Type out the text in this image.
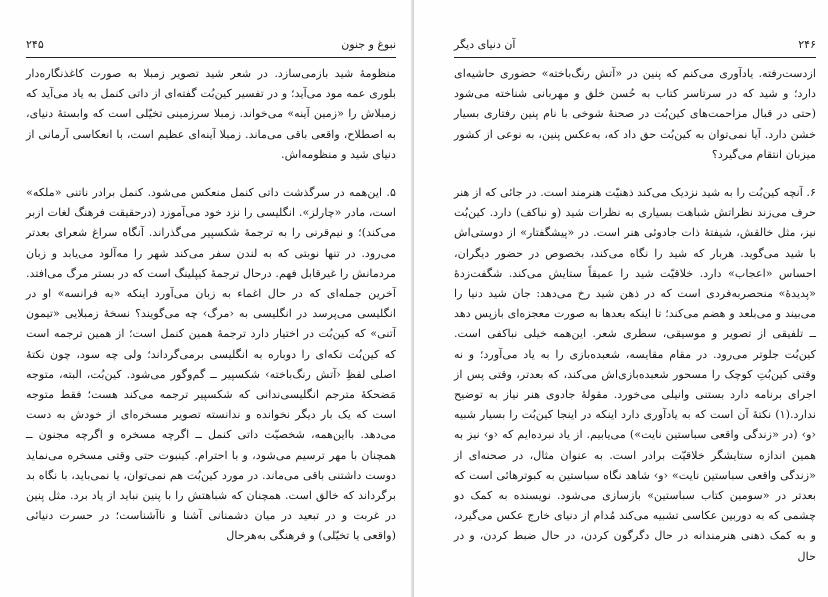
۲۴۵	نبوغ و جنون

منظومهٔ شید بازمی‌سازد. در شعر شید تصویر زمبلا به صورت کاغذ‌نگاره‌دار بلوری عمه مود می‌آید؛ و در تفسیر کین‌بُت گفته‌ای از داتی کنمل به یاد می‌آید که زمبلاش را «زمین آینه» می‌خواند. زمبلا سرزمینی تخیّلی است که وابستهٔ دنیای، به اصطلاح، واقعی باقی می‌ماند. زمبلا آینه‌ای عظیم است، با انعکاسی آرمانی از دنیای شید و منظومه‌اش.

۵. این‌همه در سرگذشت داتی کنمل منعکس می‌شود. کنمل برادر ناتنی «ملکه» است، مادر «چارلز». انگلیسی را نزد خود می‌آموزد (درحقیقت فرهنگ لغات ازبر می‌کند)؛ و نیم‌قرنی را به ترجمهٔ شکسپیر می‌گذراند. آنگاه سراغ شعرای بعدتر می‌رود. در تنها نوبتی که به لندن سفر می‌کند شهر را مه‌آلود می‌یابد و زبان مردمانش را غیرقابل فهم. درحال ترجمهٔ کیپلینگ است که در بستر مرگ می‌افتد. آخرین جمله‌ای که در حال اغماء به زبان می‌آورد اینکه «به فرانسه» او در انگلیسی می‌پرسد در انگلیسی به ‹مرگ› چه می‌گویند؟ نسخهٔ زمبلایی «تیمون آتنی» که کین‌بُت در اختیار دارد ترجمهٔ همین کنمل است؛ از همین ترجمه است که کین‌بُت تکه‌ای را دوباره به انگلیسی برمی‌گرداند؛ ولی چه سود، چون نکتهٔ اصلی لفظِ ‹آتش رنگ‌باخته› شکسپیر ــ گم‌وگور می‌شود. کین‌بُت، البته، متوجه مَضحکهٔ مترجم انگلیسی‌ندانی که شکسپیر ترجمه می‌کند هست؛ فقط متوجه است که یک بار دیگر نخوانده و ندانسته تصویر مسخره‌ای از خودش به دست می‌دهد. بااین‌همه، شخصیّت داتی کنمل ــ اگرچه مسخره و اگرچه مجنون ــ همچنان با مهر ترسیم می‌شود، و با احترام. کینبوت حتی وقتی مسخره می‌نماید دوست داشتنی باقی می‌ماند. در مورد کین‌بُت هم نمی‌توان، یا نمی‌باید، با نگاه بد برگرداند که خالق است. همچنان که شباهتش را با پنین نباید از یاد برد. مثل پنین در غربت و در تبعید در میان دشمنانی آشنا و ناآشناست؛ در حسرت دنیائی (واقعی یا تخیّلی) و فرهنگی به‌هرحال

۲۴۶
آن دنیای دیگر

ازدست‌رفته. یادآوری می‌کنم که پنین در «آتش رنگ‌باخته» حضوری حاشیه‌ای دارد؛ و شید که در سرتاسر کتاب به حُسن خلق و مهربانی شناخته می‌شود (حتی در قبال مزاحمت‌های کین‌بُت در صحنهٔ شوخی با نام پنین رفتاری بسیار خشن دارد. آیا نمی‌توان به کین‌بُت حق داد که، به‌عکس پنین، به نوعی از کشور میزبان انتقام می‌گیرد؟

۶. آنچه کین‌بُت را به شید نزدیک می‌کند ذهنیّت هنرمند است. در جائی که از هنر حرف می‌زند نظراتش شباهت بسیاری به نظرات شید (و نباکف) دارد. کین‌بُت نیز، مثل خالقش، شیفتهٔ ذات جادوئی هنر است. در «پیشگفتار» از دوستی‌اش با شید می‌گوید. هربار که شید را نگاه می‌کند، بخصوص در حضور دیگران، احساس «اعجاب» دارد. خلاقیّت شید را عمیقاً ستایش می‌کند. شگفت‌زدهٔ «پدیدهٔ» منحصربه‌فردی است که در ذهن شید رخ می‌دهد: جان شید دنیا را می‌بیند و می‌بلعد و هضم می‌کند؛ تا اینکه بعدها به صورت معجزه‌ای بازپس دهد ــ تلفیقی از تصویر و موسیقی، سطری شعر. این‌همه خیلی نباکفی است. کین‌بُت جلوتر می‌رود. در مقام مقایسه، شعبده‌بازی را به یاد می‌آورد؛ و نه وقتی کین‌بُتِ کوچک را مسحور شعبده‌بازی‌اش می‌کند، که بعدتر، وقتی پس از اجرای برنامه دارد بستنی وانیلی می‌خورد. مقولهٔ جادوی هنر نیاز به توضیح ندارد.(۱) نکتهٔ آن است که به یادآوری دارد اینکه در اینجا کین‌بُت را بسیار شبیه ‹و› (در «زندگی واقعی سباستین نایت») می‌یابیم. از یاد نبرده‌ایم که ‹و› نیز به همین اندازه ستایشگر خلاقیّت برادر است. به عنوان مثال، در صحنه‌ای از «زندگی واقعی سباستین نایت» ‹و› شاهد نگاه سباستین به کبوترهائی است که بعدتر در «سومین کتاب سباستین» بازسازی می‌شود. نویسنده به کمک دو چشمی که به دوربین عکاسی تشبیه می‌کند مُدام از دنیای خارج عکس می‌گیرد، و به کمک ذهنی هنرمندانه در حال دگرگون کردن، در حال ضبط کردن، و در حال
